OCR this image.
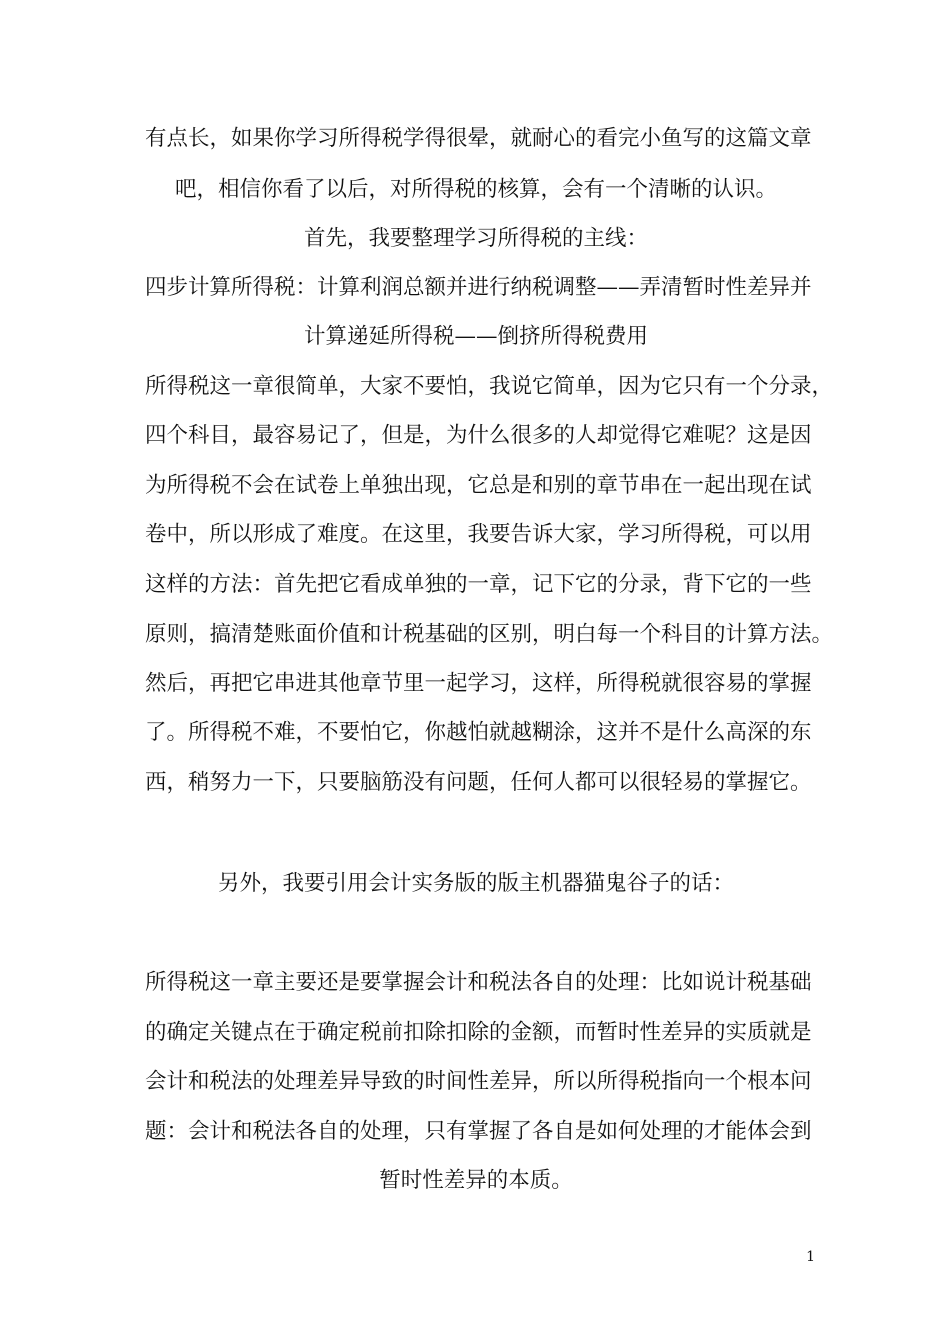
有点长，如果你学习所得税学得很晕，就耐心的看完小鱼写的这篇文章
吧，相信你看了以后，对所得税的核算，会有一个清晰的认识。
首先，我要整理学习所得税的主线：
四步计算所得税：计算利润总额并进行纳税调整——弄清暂时性差异并
计算递延所得税——倒挤所得税费用
所得税这一章很简单，大家不要怕，我说它简单，因为它只有一个分录，
四个科目，最容易记了，但是，为什么很多的人却觉得它难呢？这是因
为所得税不会在试卷上单独出现，它总是和别的章节串在一起出现在试
卷中，所以形成了难度。在这里，我要告诉大家，学习所得税，可以用
这样的方法：首先把它看成单独的一章，记下它的分录，背下它的一些
原则，搞清楚账面价值和计税基础的区别，明白每一个科目的计算方法。
然后，再把它串进其他章节里一起学习，这样，所得税就很容易的掌握
了。所得税不难，不要怕它，你越怕就越糊涂，这并不是什么高深的东
西，稍努力一下，只要脑筋没有问题，任何人都可以很轻易的掌握它。
另外，我要引用会计实务版的版主机器猫鬼谷子的话：
所得税这一章主要还是要掌握会计和税法各自的处理：比如说计税基础
的确定关键点在于确定税前扣除扣除的金额，而暂时性差异的实质就是
会计和税法的处理差异导致的时间性差异，所以所得税指向一个根本问
题：会计和税法各自的处理，只有掌握了各自是如何处理的才能体会到
暂时性差异的本质。
1
